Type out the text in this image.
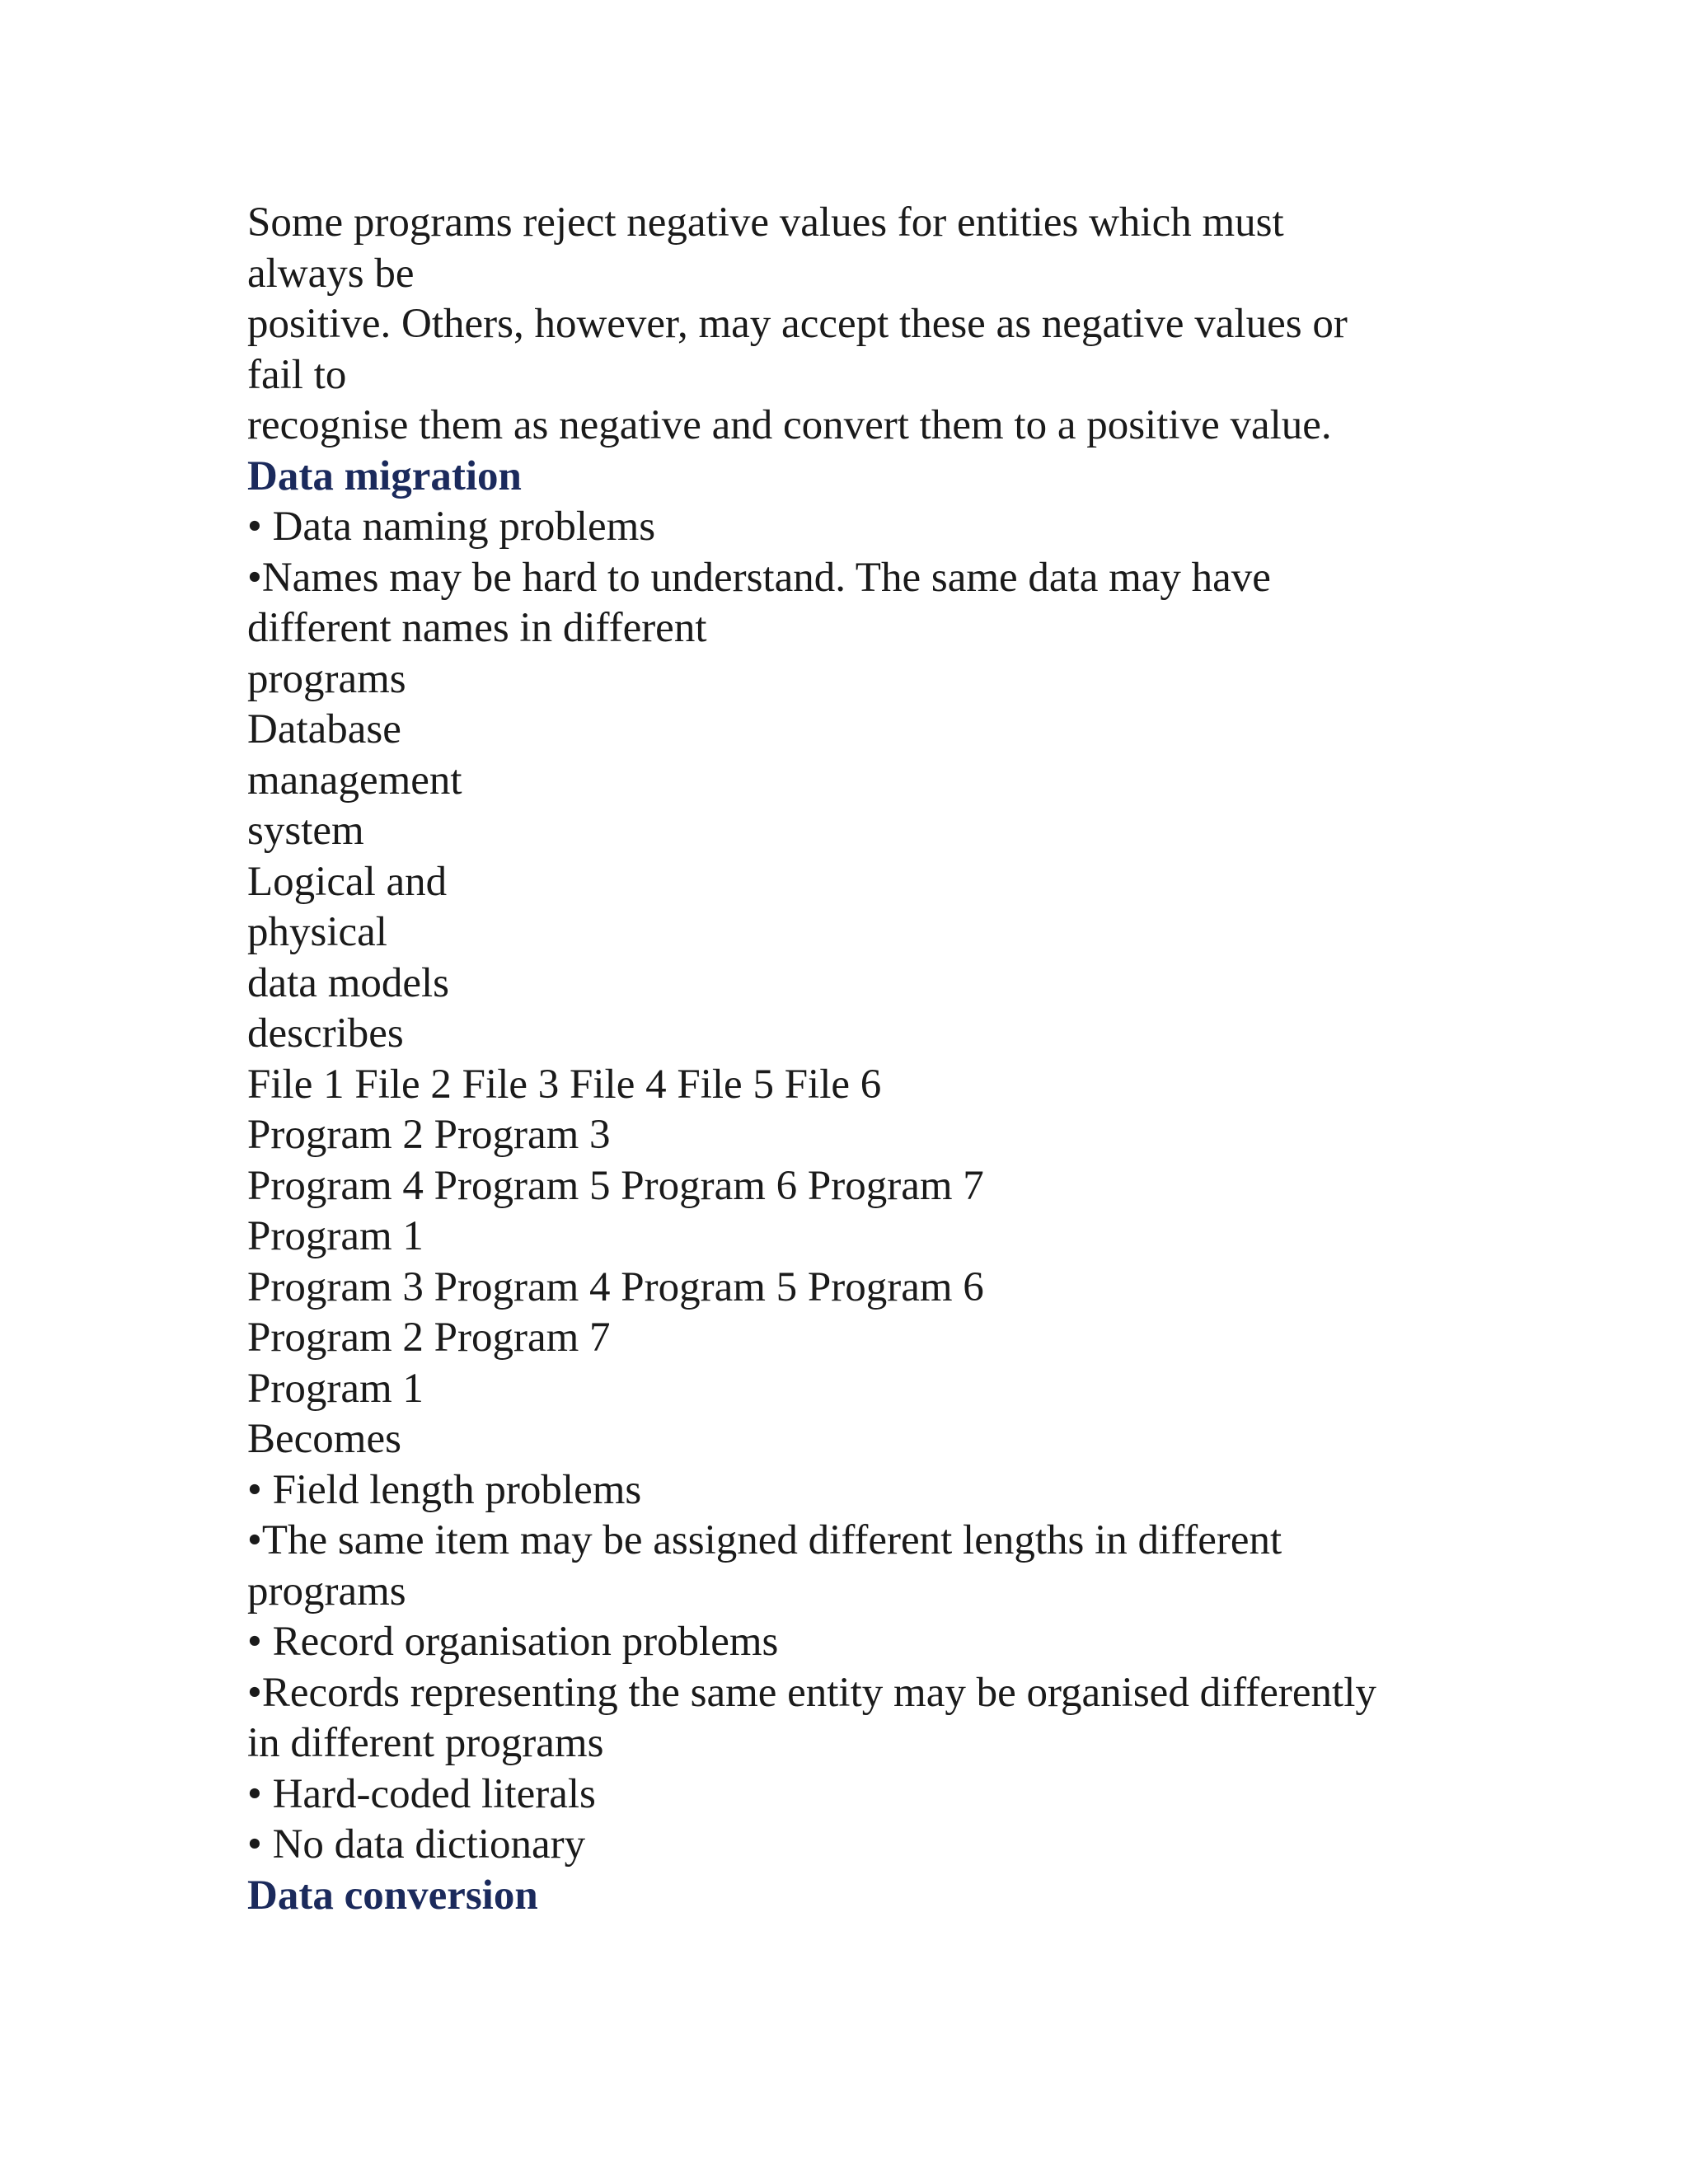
Some programs reject negative values for entities which must
always be
positive. Others, however, may accept these as negative values or
fail to
recognise them as negative and convert them to a positive value.
Data migration
• Data naming problems
•Names may be hard to understand. The same data may have
different names in different
programs
Database
management
system
Logical and
physical
data models
describes
File 1 File 2 File 3 File 4 File 5 File 6
Program 2 Program 3
Program 4 Program 5 Program 6 Program 7
Program 1
Program 3 Program 4 Program 5 Program 6
Program 2 Program 7
Program 1
Becomes
• Field length problems
•The same item may be assigned different lengths in different
programs
• Record organisation problems
•Records representing the same entity may be organised differently
in different programs
• Hard-coded literals
• No data dictionary
Data conversion
